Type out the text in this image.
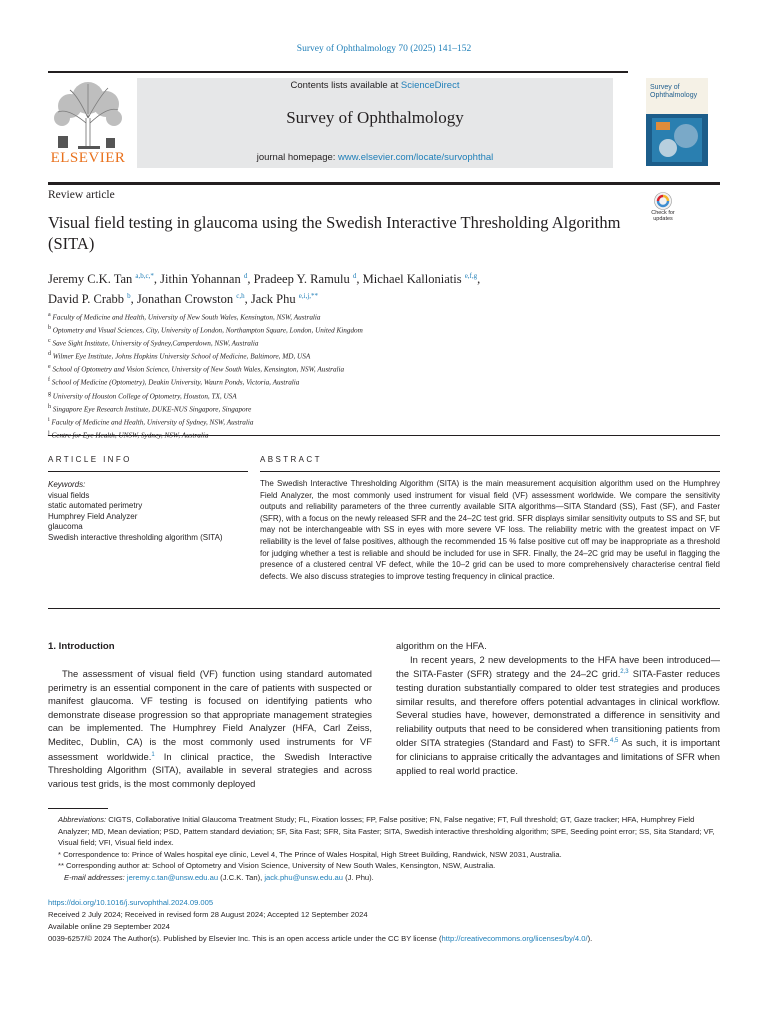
Survey of Ophthalmology 70 (2025) 141–152
ELSEVIER
Contents lists available at ScienceDirect
Survey of Ophthalmology
journal homepage: www.elsevier.com/locate/survophthal
Survey of
Ophthalmology
Review article
Visual field testing in glaucoma using the Swedish Interactive Thresholding Algorithm (SITA)
Check for
updates
Jeremy C.K. Tan $^{a,b,c,*}$, Jithin Yohannan $^d$, Pradeep Y. Ramulu $^d$, Michael Kalloniatis $^{e,f,g}$,
David P. Crabb $^b$, Jonathan Crowston $^{c,h}$, Jack Phu $^{e,i,j,**}$
$^a$ Faculty of Medicine and Health, University of New South Wales, Kensington, NSW, Australia
$^b$ Optometry and Visual Sciences, City, University of London, Northampton Square, London, United Kingdom
$^c$ Save Sight Institute, University of Sydney,Camperdown, NSW, Australia
$^d$ Wilmer Eye Institute, Johns Hopkins University School of Medicine, Baltimore, MD, USA
$^e$ School of Optometry and Vision Science, University of New South Wales, Kensington, NSW, Australia
$^f$ School of Medicine (Optometry), Deakin University, Waurn Ponds, Victoria, Australia
$^g$ University of Houston College of Optometry, Houston, TX, USA
$^h$ Singapore Eye Research Institute, DUKE-NUS Singapore, Singapore
$^i$ Faculty of Medicine and Health, University of Sydney, NSW, Australia
$^j$
ARTICLE INFO
Keywords:
visual fields
static automated perimetry
Humphrey Field Analyzer
glaucoma
Swedish interactive thresholding algorithm (SITA)
ABSTRACT
The Swedish Interactive Thresholding Algorithm (SITA) is the main measurement acquisition algorithm used on the Humphrey Field Analyzer, the most commonly used instrument for visual field (VF) assessment worldwide. We compare the sensitivity outputs and reliability parameters of the three currently available SITA algorithms—SITA Standard (SS), Fast (SF), and Faster (SFR), with a focus on the newly released SFR and the 24–2C test grid. SFR displays similar sensitivity outputs to SS and SF, but may not be interchangeable with SS in eyes with more severe VF loss. The reliability metric with the greatest impact on VF reliability is the level of false positives, although the recommended 15 % false positive cut off may be inappropriate as a threshold for judging whether a test is reliable and should be included for use in SFR. Finally, the 24–2C grid may be useful in flagging the presence of a clustered central VF defect, while the 10–2 grid can be used to more comprehensively characterise central field defects. We also discuss strategies to improve testing frequency in clinical practice.
1. Introduction

The assessment of visual field (VF) function using standard automated perimetry is an essential component in the care of patients with suspected or manifest glaucoma. VF testing is focused on identifying patients who demonstrate disease progression so that appropriate management strategies can be implemented. The Humphrey Field Analyzer (HFA, Carl Zeiss, Meditec, Dublin, CA) is the most commonly used instruments for VF assessment worldwide.$^1$ In clinical practice, the Swedish Interactive Thresholding Algorithm (SITA), available in several strategies and across various test grids, is the most commonly deployed

algorithm on the HFA.

In recent years, 2 new developments to the HFA have been introduced—the SITA-Faster (SFR) strategy and the 24–2C grid.$^{2,3}$ SITA-Faster reduces testing duration substantially compared to older test strategies and produces similar results, and therefore offers potential advantages in clinical workflow. Several studies have, however, demonstrated a difference in sensitivity and reliability outputs that need to be considered when transitioning patients from older SITA strategies (Standard and Fast) to SFR.$^{4,5}$ As such, it is important for clinicians to appraise critically the advantages and limitations of SFR when applied to real world practice.

Abbreviations: CIGTS, Collaborative Initial Glaucoma Treatment Study; FL, Fixation losses; FP, False positive; FN, False negative; FT, Full threshold; GT, Gaze tracker; HFA, Humphrey Field Analyzer; MD, Mean deviation; PSD, Pattern standard deviation; SF, Sita Fast; SFR, Sita Faster; SITA, Swedish interactive thresholding algorithm; SPE, Seeding point error; SS, Sita Standard; VF, Visual field; VFI, Visual field index.
* Correspondence to: Prince of Wales hospital eye clinic, Level 4, The Prince of Wales Hospital, High Street Building, Randwick, NSW 2031, Australia.
** Corresponding author at: School of Optometry and Vision Science, University of New South Wales, Kensington, NSW, Australia.
E-mail addresses: jeremy.c.tan@unsw.edu.au (J.C.K. Tan), jack.phu@unsw.edu.au (J. Phu).
https://doi.org/10.1016/j.survophthal.2024.09.005
Received 2 July 2024; Received in revised form 28 August 2024; Accepted 12 September 2024
Available online 29 September 2024
0039-6257/© 2024 The Author(s). Published by Elsevier Inc. This is an open access article under the CC BY license (http://creativecommons.org/licenses/by/4.0/).
